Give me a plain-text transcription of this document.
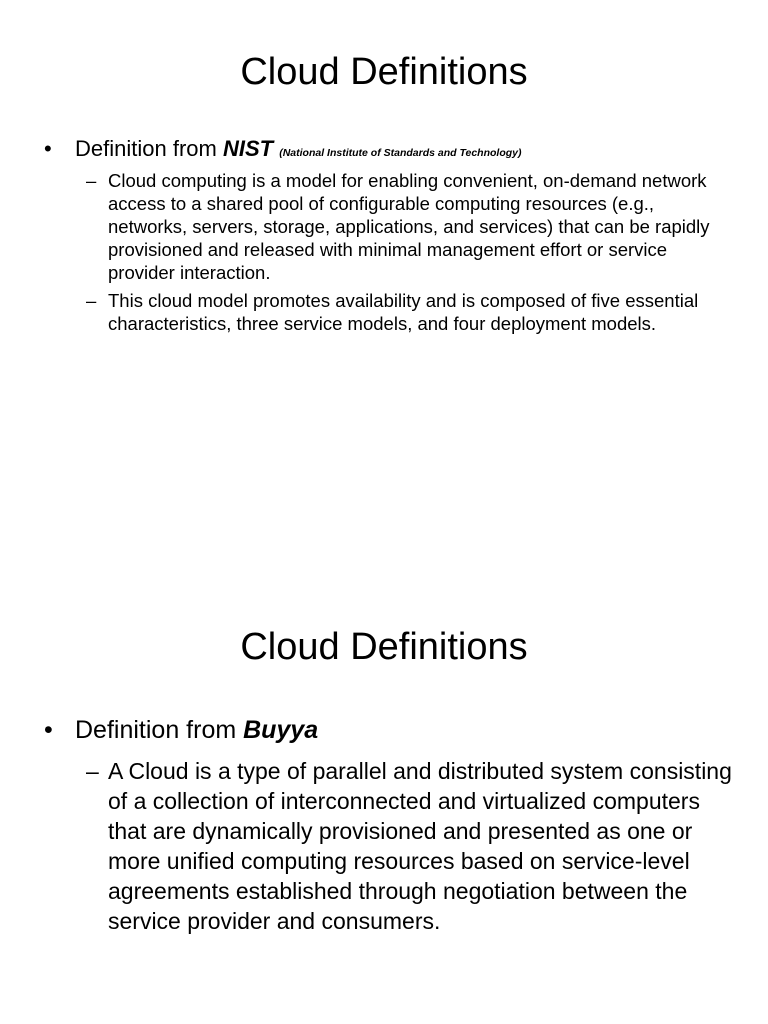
Cloud Definitions
• Definition from NIST (National Institute of Standards and Technology)
– Cloud computing is a model for enabling convenient, on-demand network access to a shared pool of configurable computing resources (e.g., networks, servers, storage, applications, and services) that can be rapidly provisioned and released with minimal management effort or service provider interaction.
– This cloud model promotes availability and is composed of five essential characteristics, three service models, and four deployment models.
Cloud Definitions
• Definition from Buyya
– A Cloud is a type of parallel and distributed system consisting of a collection of interconnected and virtualized computers that are dynamically provisioned and presented as one or more unified computing resources based on service-level agreements established through negotiation between the service provider and consumers.
